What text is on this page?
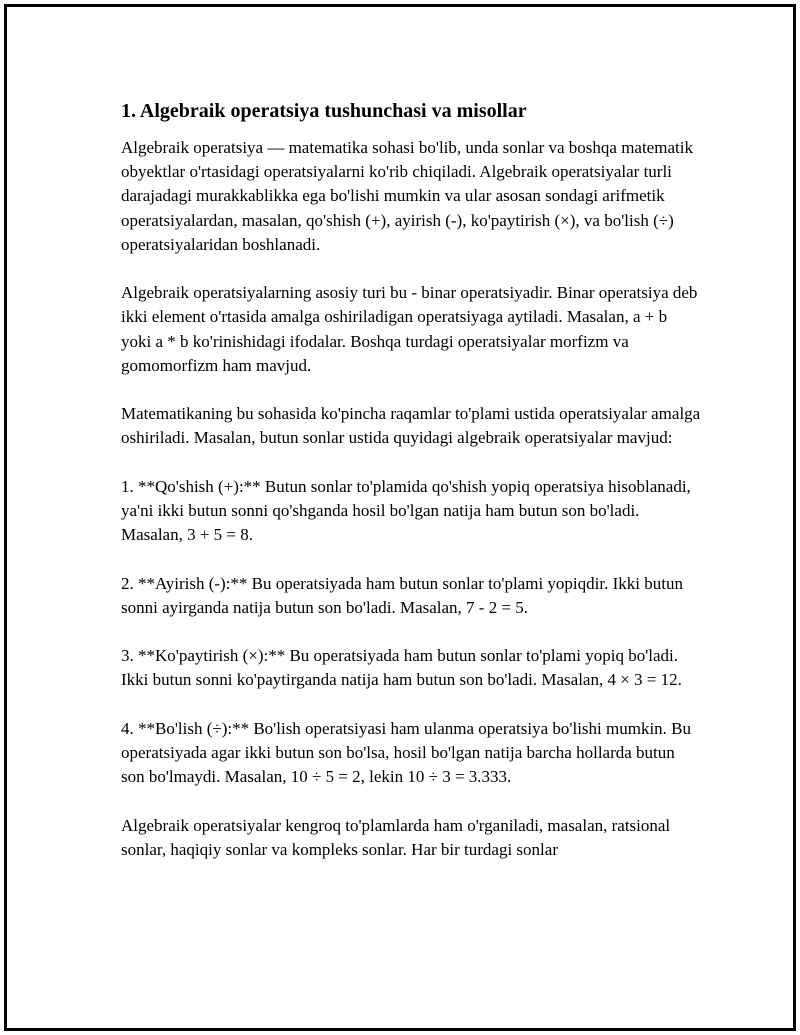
1. Algebraik operatsiya tushunchasi va misollar

Algebraik operatsiya — matematika sohasi bo'lib, unda sonlar va boshqa matematik obyektlar o'rtasidagi operatsiyalarni ko'rib chiqiladi. Algebraik operatsiyalar turli darajadagi murakkablikka ega bo'lishi mumkin va ular asosan sondagi arifmetik operatsiyalardan, masalan, qo'shish (+), ayirish (-), ko'paytirish (×), va bo'lish (÷) operatsiyalaridan boshlanadi.

Algebraik operatsiyalarning asosiy turi bu - binar operatsiyadir. Binar operatsiya deb ikki element o'rtasida amalga oshiriladigan operatsiyaga aytiladi. Masalan, a + b yoki a * b ko'rinishidagi ifodalar. Boshqa turdagi operatsiyalar morfizm va gomomorfizm ham mavjud.

Matematikaning bu sohasida ko'pincha raqamlar to'plami ustida operatsiyalar amalga oshiriladi. Masalan, butun sonlar ustida quyidagi algebraik operatsiyalar mavjud:

1. **Qo'shish (+):** Butun sonlar to'plamida qo'shish yopiq operatsiya hisoblanadi, ya'ni ikki butun sonni qo'shganda hosil bo'lgan natija ham butun son bo'ladi. Masalan, 3 + 5 = 8.

2. **Ayirish (-):** Bu operatsiyada ham butun sonlar to'plami yopiqdir. Ikki butun sonni ayirganda natija butun son bo'ladi. Masalan, 7 - 2 = 5.

3. **Ko'paytirish (×):** Bu operatsiyada ham butun sonlar to'plami yopiq bo'ladi. Ikki butun sonni ko'paytirganda natija ham butun son bo'ladi. Masalan, 4 × 3 = 12.

4. **Bo'lish (÷):** Bo'lish operatsiyasi ham ulanma operatsiya bo'lishi mumkin. Bu operatsiyada agar ikki butun son bo'lsa, hosil bo'lgan natija barcha hollarda butun son bo'lmaydi. Masalan, 10 ÷ 5 = 2, lekin 10 ÷ 3 = 3.333.

Algebraik operatsiyalar kengroq to'plamlarda ham o'rganiladi, masalan, ratsional sonlar, haqiqiy sonlar va kompleks sonlar. Har bir turdagi sonlar
